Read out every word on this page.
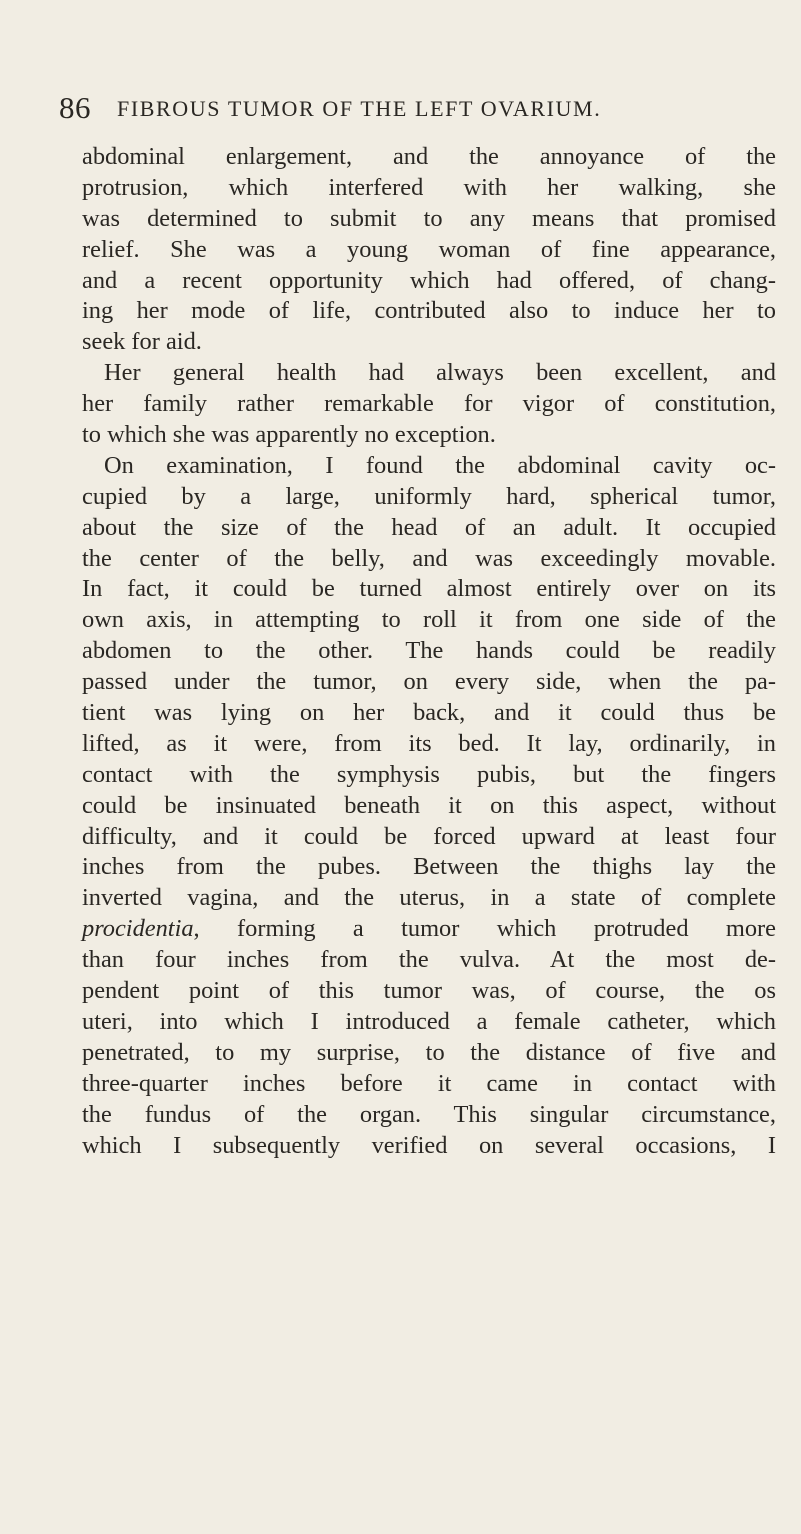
86 FIBROUS TUMOR OF THE LEFT OVARIUM.
abdominal enlargement, and the annoyance of the
protrusion, which interfered with her walking, she
was determined to submit to any means that promised
relief. She was a young woman of fine appearance,
and a recent opportunity which had offered, of chang-
ing her mode of life, contributed also to induce her to
seek for aid.
Her general health had always been excellent, and
her family rather remarkable for vigor of constitution,
to which she was apparently no exception.
On examination, I found the abdominal cavity oc-
cupied by a large, uniformly hard, spherical tumor,
about the size of the head of an adult. It occupied
the center of the belly, and was exceedingly movable.
In fact, it could be turned almost entirely over on its
own axis, in attempting to roll it from one side of the
abdomen to the other. The hands could be readily
passed under the tumor, on every side, when the pa-
tient was lying on her back, and it could thus be
lifted, as it were, from its bed. It lay, ordinarily, in
contact with the symphysis pubis, but the fingers
could be insinuated beneath it on this aspect, without
difficulty, and it could be forced upward at least four
inches from the pubes. Between the thighs lay the
inverted vagina, and the uterus, in a state of complete
procidentia, forming a tumor which protruded more
than four inches from the vulva. At the most de-
pendent point of this tumor was, of course, the os
uteri, into which I introduced a female catheter, which
penetrated, to my surprise, to the distance of five and
three-quarter inches before it came in contact with
the fundus of the organ. This singular circumstance,
which I subsequently verified on several occasions, I
